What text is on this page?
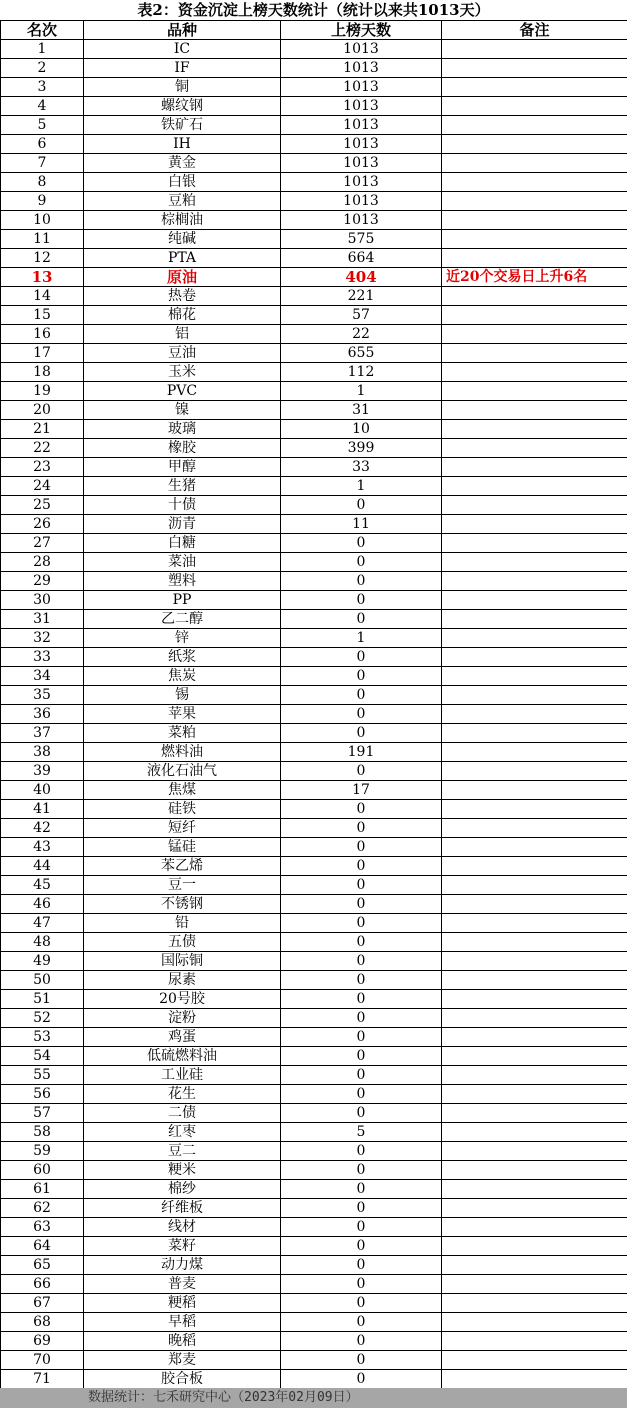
表2：资金沉淀上榜天数统计（统计以来共1013天）
名次	品种	上榜天数	备注
1	IC	1013	
2	IF	1013	
3	铜	1013	
4	螺纹钢	1013	
5	铁矿石	1013	
6	IH	1013	
7	黄金	1013	
8	白银	1013	
9	豆粕	1013	
10	棕榈油	1013	
11	纯碱	575	
12	PTA	664	
13	原油	404	近20个交易日上升6名
14	热卷	221	
15	棉花	57	
16	铝	22	
17	豆油	655	
18	玉米	112	
19	PVC	1	
20	镍	31	
21	玻璃	10	
22	橡胶	399	
23	甲醇	33	
24	生猪	1	
25	十债	0	
26	沥青	11	
27	白糖	0	
28	菜油	0	
29	塑料	0	
30	PP	0	
31	乙二醇	0	
32	锌	1	
33	纸浆	0	
34	焦炭	0	
35	锡	0	
36	苹果	0	
37	菜粕	0	
38	燃料油	191	
39	液化石油气	0	
40	焦煤	17	
41	硅铁	0	
42	短纤	0	
43	锰硅	0	
44	苯乙烯	0	
45	豆一	0	
46	不锈钢	0	
47	铅	0	
48	五债	0	
49	国际铜	0	
50	尿素	0	
51	20号胶	0	
52	淀粉	0	
53	鸡蛋	0	
54	低硫燃料油	0	
55	工业硅	0	
56	花生	0	
57	二债	0	
58	红枣	5	
59	豆二	0	
60	粳米	0	
61	棉纱	0	
62	纤维板	0	
63	线材	0	
64	菜籽	0	
65	动力煤	0	
66	普麦	0	
67	粳稻	0	
68	早稻	0	
69	晚稻	0	
70	郑麦	0	
71	胶合板	0	
数据统计：七禾研究中心（2023年02月09日）
